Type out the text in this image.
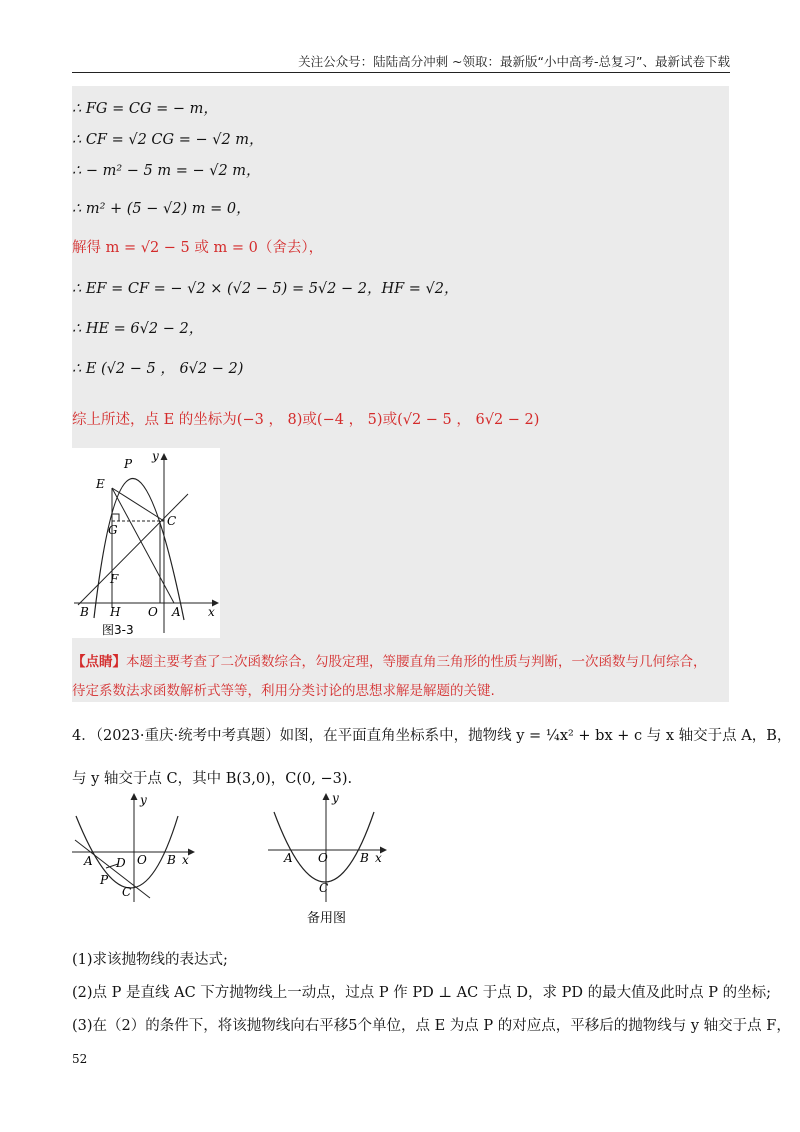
关注公众号：陆陆高分冲刺 ~领取：最新版“小中高考-总复习”、最新试卷下载
∴ FG = CG = − m，
∴ CF = √2 CG = − √2 m，
∴ − m² − 5 m = − √2 m，
∴ m² + (5 − √2) m = 0，
解得 m = √2 − 5 或 m = 0（舍去），
∴ EF = CF = − √2 × (√2 − 5) = 5√2 − 2，HF = √2，
∴ HE = 6√2 − 2，
∴ E (√2 − 5 ， 6√2 − 2)
综上所述，点 E 的坐标为(−3 ， 8)或(−4 ， 5)或(√2 − 5 ， 6√2 − 2)
P
E
G
C
F
B H O A x
y
图3-3
【点睛】本题主要考查了二次函数综合，勾股定理，等腰直角三角形的性质与判断，一次函数与几何综合，
待定系数法求函数解析式等等，利用分类讨论的思想求解是解题的关键.
4．（2023·重庆·统考中考真题）如图，在平面直角坐标系中，抛物线 y = ¼x² + bx + c 与 x 轴交于点 A，B，
与 y 轴交于点 C，其中 B(3,0)，C(0, −3).
A D O B x
y
P
C
A O	B x
y
C
备用图
(1)求该抛物线的表达式;
(2)点 P 是直线 AC 下方抛物线上一动点，过点 P 作 PD ⊥ AC 于点 D，求 PD 的最大值及此时点 P 的坐标;
(3)在（2）的条件下，将该抛物线向右平移5个单位，点 E 为点 P 的对应点，平移后的抛物线与 y 轴交于点 F，
52
